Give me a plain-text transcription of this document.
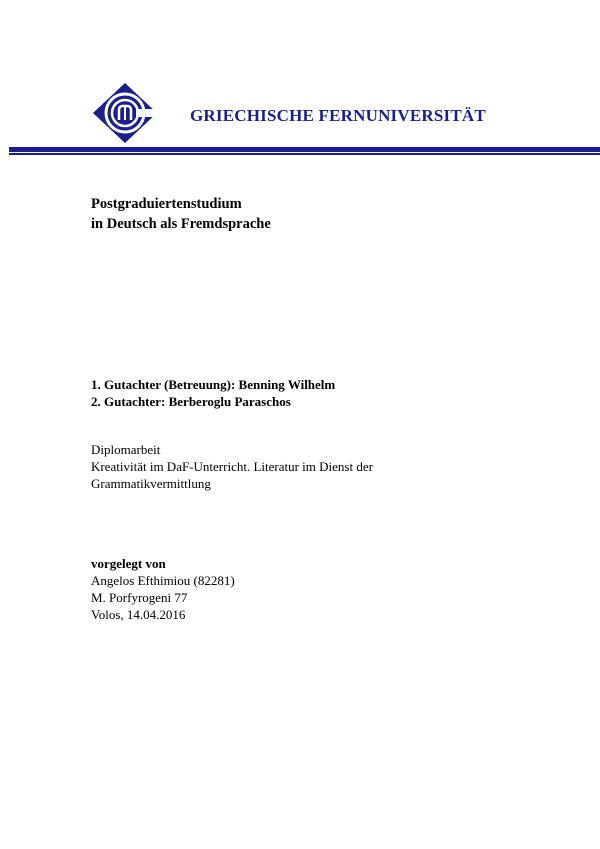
GRIECHISCHE FERNUNIVERSITÄT
Postgraduiertenstudium
in Deutsch als Fremdsprache
1. Gutachter (Betreuung): Benning Wilhelm
2. Gutachter: Berberoglu Paraschos
Diplomarbeit
Kreativität im DaF-Unterricht. Literatur im Dienst der
Grammatikvermittlung
vorgelegt von
Angelos Efthimiou (82281)
M. Porfyrogeni 77
Volos, 14.04.2016
